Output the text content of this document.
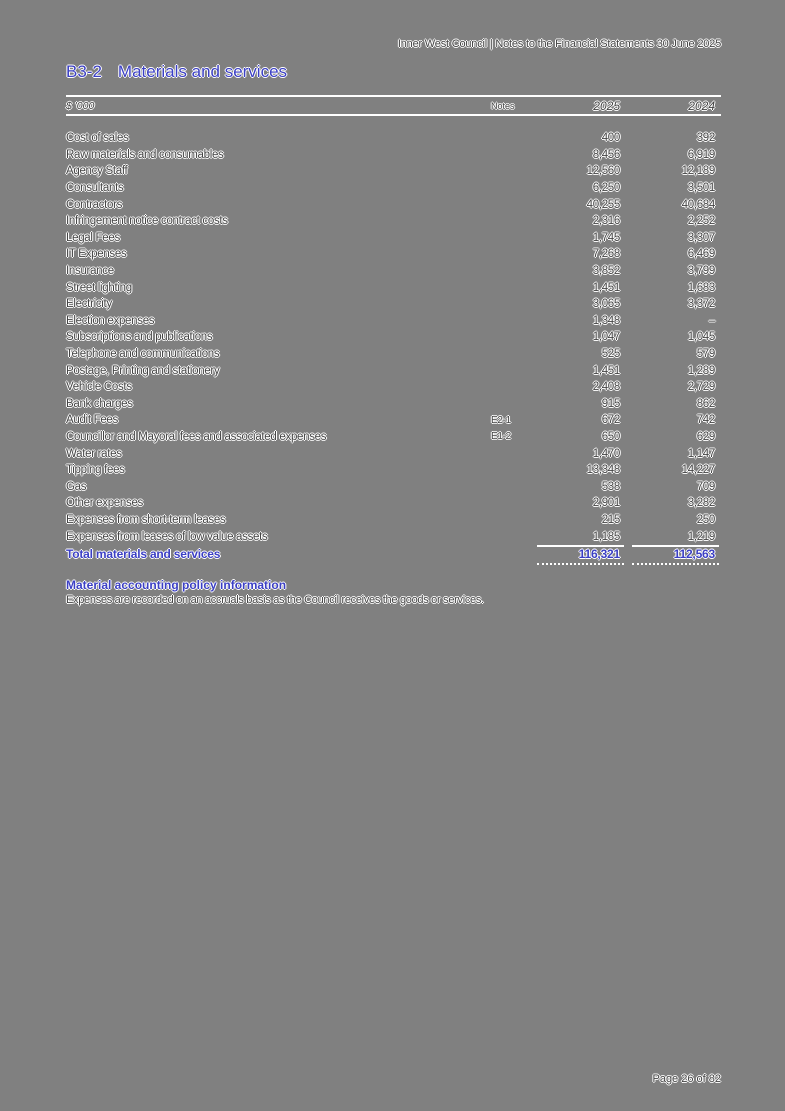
Inner West Council | Notes to the Financial Statements 30 June 2025
B3-2 Materials and services
$ '000	Notes	2025	2024
Cost of sales	400	392
Raw materials and consumables	8,456	6,919
Agency Staff	12,560	12,189
Consultants	6,250	3,501
Contractors	40,255	40,684
Infringement notice contract costs	2,316	2,252
Legal Fees	1,745	3,307
IT Expenses	7,268	6,469
Insurance	3,852	3,799
Street lighting	1,451	1,683
Electricity	3,065	3,372
Election expenses	1,348	–
Subscriptions and publications	1,047	1,045
Telephone and communications	525	579
Postage, Printing and stationery	1,451	1,289
Vehicle Costs	2,408	2,729
Bank charges	915	862
Audit Fees	E2-1	672	742
Councillor and Mayoral fees and associated expenses	E1-2	650	629
Water rates	1,470	1,147
Tipping fees	13,348	14,227
Gas	538	709
Other expenses	2,901	3,282
Expenses from short-term leases	215	250
Expenses from leases of low value assets	1,185	1,219
Total materials and services	116,321	112,563
Material accounting policy information
Expenses are recorded on an accruals basis as the Council receives the goods or services.
Page 26 of 82
